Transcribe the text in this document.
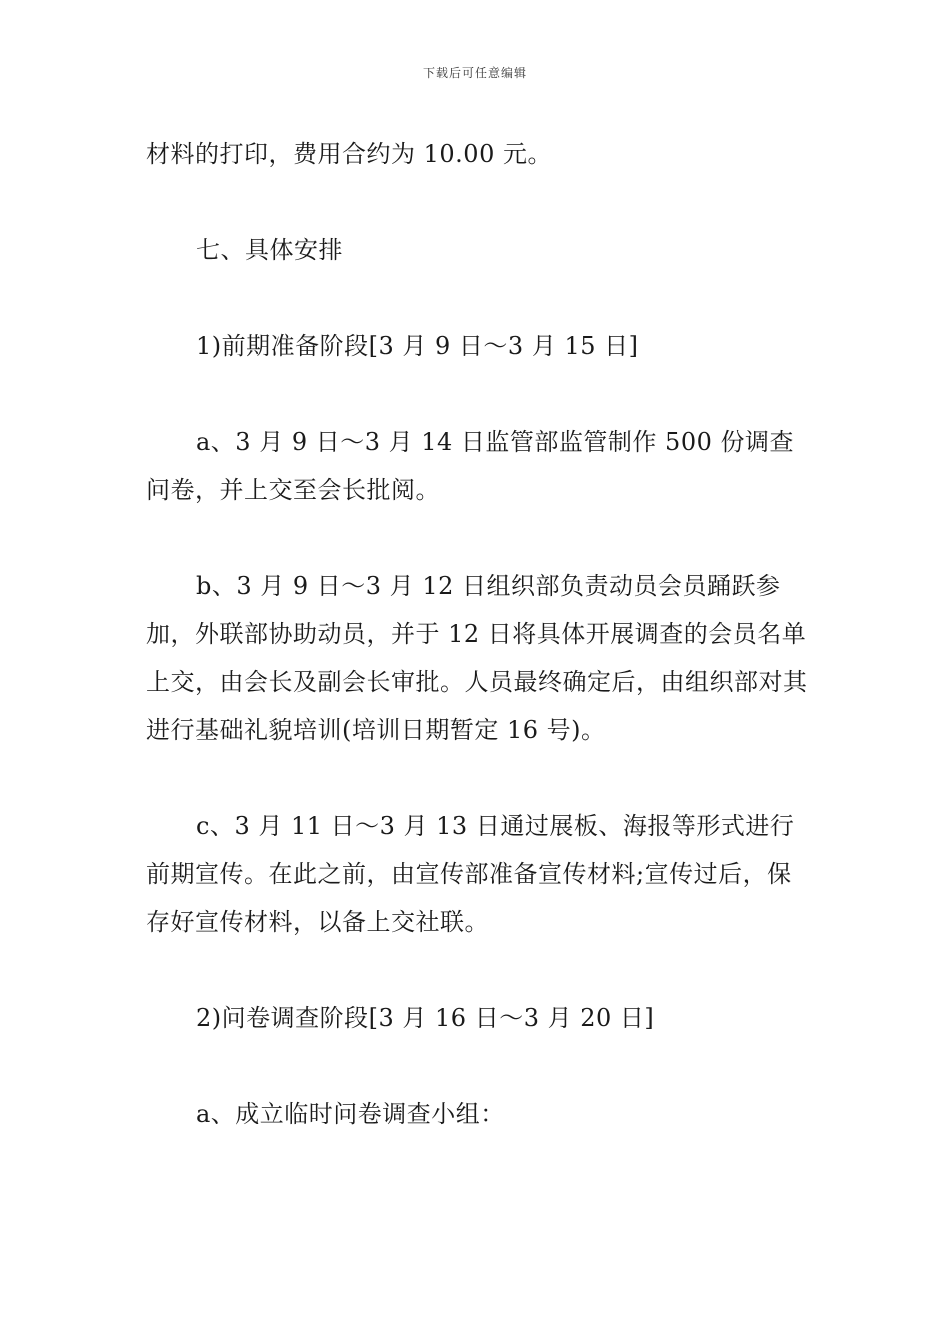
下载后可任意编辑

材料的打印，费用合约为 10.00 元。

七、具体安排

1)前期准备阶段[3 月 9 日～3 月 15 日]

a、3 月 9 日～3 月 14 日监管部监管制作 500 份调查问卷，并上交至会长批阅。

b、3 月 9 日～3 月 12 日组织部负责动员会员踊跃参加，外联部协助动员，并于 12 日将具体开展调查的会员名单上交，由会长及副会长审批。人员最终确定后，由组织部对其进行基础礼貌培训(培训日期暂定 16 号)。

c、3 月 11 日～3 月 13 日通过展板、海报等形式进行前期宣传。在此之前，由宣传部准备宣传材料;宣传过后，保存好宣传材料，以备上交社联。

2)问卷调查阶段[3 月 16 日～3 月 20 日]

a、成立临时问卷调查小组：
